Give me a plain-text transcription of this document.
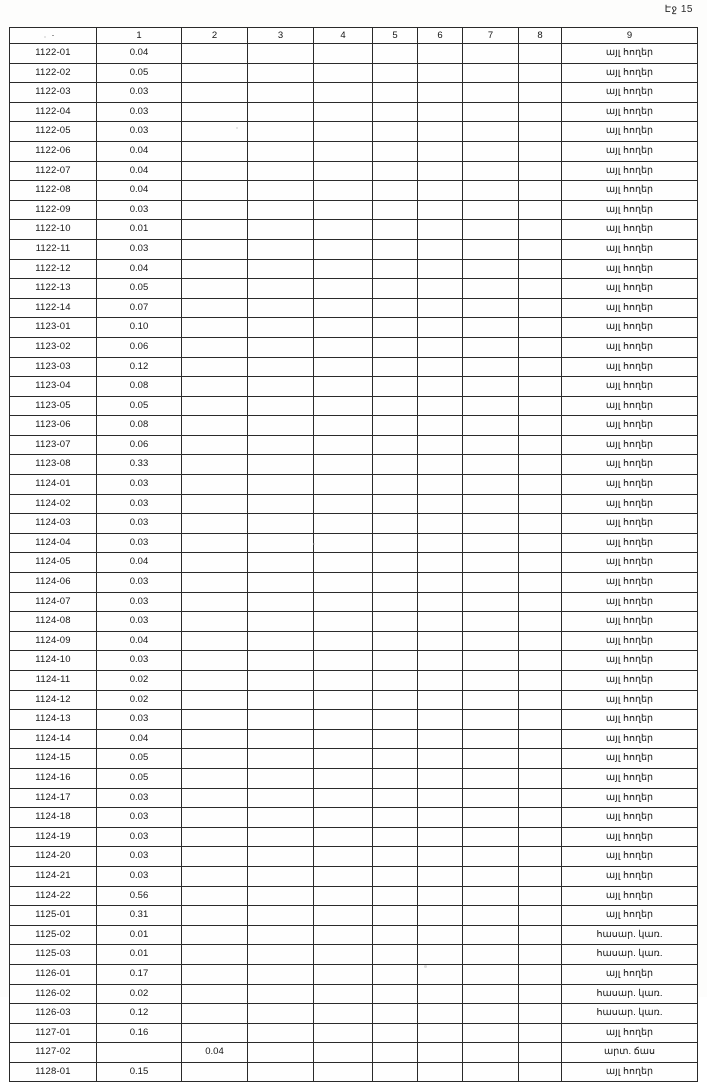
Էջ 15
·	1	2	3	4	5	6	7	8	9
1122-01	0.04								այլ հողեր
1122-02	0.05								այլ հողեր
1122-03	0.03								այլ հողեր
1122-04	0.03								այլ հողեր
1122-05	0.03								այլ հողեր
1122-06	0.04								այլ հողեր
1122-07	0.04								այլ հողեր
1122-08	0.04								այլ հողեր
1122-09	0.03								այլ հողեր
1122-10	0.01								այլ հողեր
1122-11	0.03								այլ հողեր
1122-12	0.04								այլ հողեր
1122-13	0.05								այլ հողեր
1122-14	0.07								այլ հողեր
1123-01	0.10								այլ հողեր
1123-02	0.06								այլ հողեր
1123-03	0.12								այլ հողեր
1123-04	0.08								այլ հողեր
1123-05	0.05								այլ հողեր
1123-06	0.08								այլ հողեր
1123-07	0.06								այլ հողեր
1123-08	0.33								այլ հողեր
1124-01	0.03								այլ հողեր
1124-02	0.03								այլ հողեր
1124-03	0.03								այլ հողեր
1124-04	0.03								այլ հողեր
1124-05	0.04								այլ հողեր
1124-06	0.03								այլ հողեր
1124-07	0.03								այլ հողեր
1124-08	0.03								այլ հողեր
1124-09	0.04								այլ հողեր
1124-10	0.03								այլ հողեր
1124-11	0.02								այլ հողեր
1124-12	0.02								այլ հողեր
1124-13	0.03								այլ հողեր
1124-14	0.04								այլ հողեր
1124-15	0.05								այլ հողեր
1124-16	0.05								այլ հողեր
1124-17	0.03								այլ հողեր
1124-18	0.03								այլ հողեր
1124-19	0.03								այլ հողեր
1124-20	0.03								այլ հողեր
1124-21	0.03								այլ հողեր
1124-22	0.56								այլ հողեր
1125-01	0.31								այլ հողեր
1125-02	0.01								հասար. կառ.
1125-03	0.01								հասար. կառ.
1126-01	0.17								այլ հողեր
1126-02	0.02								հասար. կառ.
1126-03	0.12								հասար. կառ.
1127-01	0.16								այլ հողեր
1127-02		0.04							արտ. ճաս
1128-01	0.15								այլ հողեր
